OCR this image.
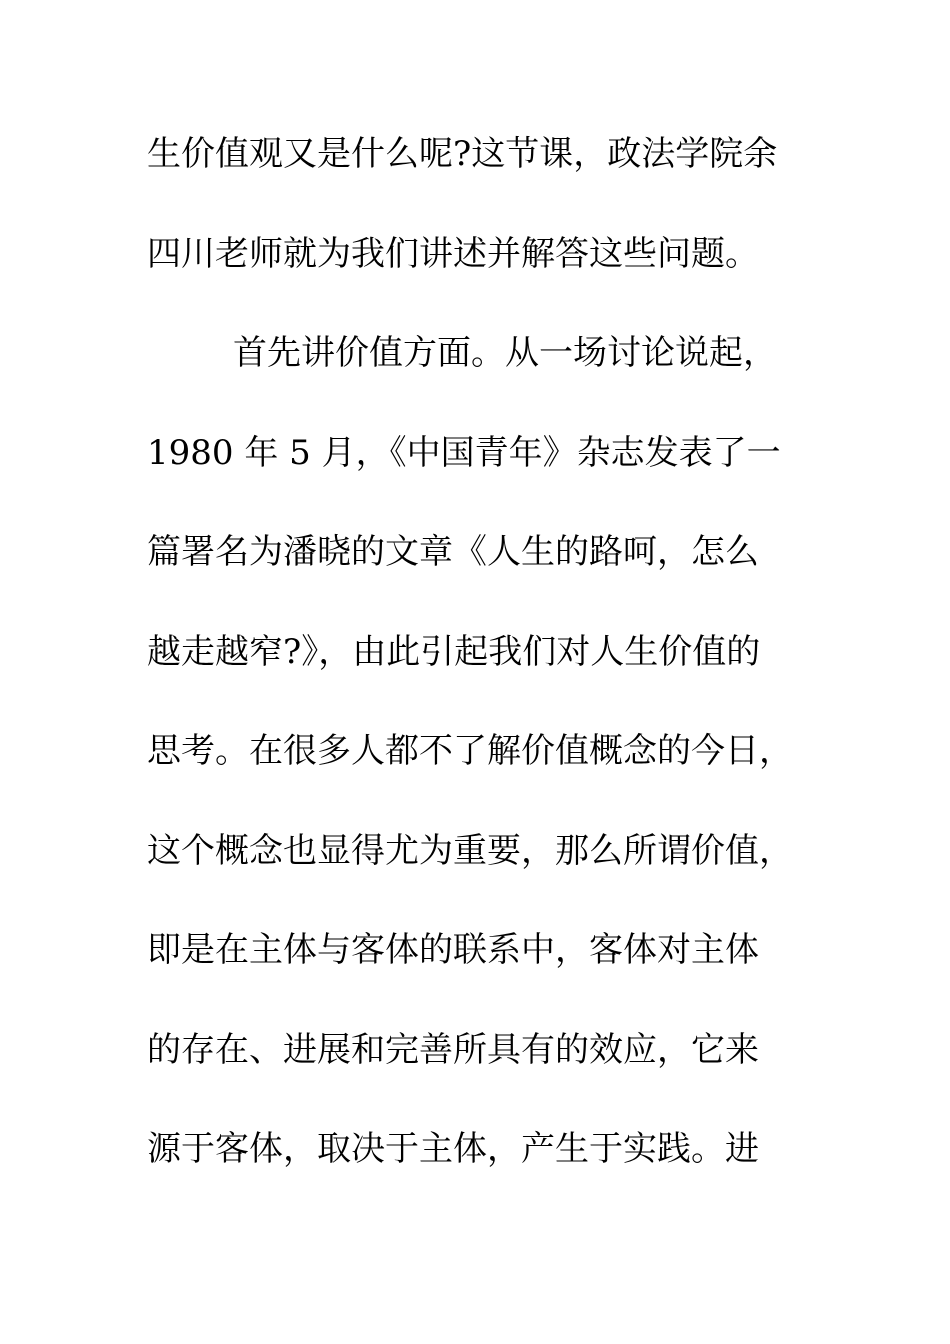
生价值观又是什么呢?这节课，政法学院余
四川老师就为我们讲述并解答这些问题。
首先讲价值方面。从一场讨论说起，
1980 年 5 月，《中国青年》杂志发表了一
篇署名为潘晓的文章《人生的路呵，怎么
越走越窄?》，由此引起我们对人生价值的
思考。在很多人都不了解价值概念的今日，
这个概念也显得尤为重要，那么所谓价值，
即是在主体与客体的联系中，客体对主体
的存在、进展和完善所具有的效应，它来
源于客体，取决于主体，产生于实践。进
